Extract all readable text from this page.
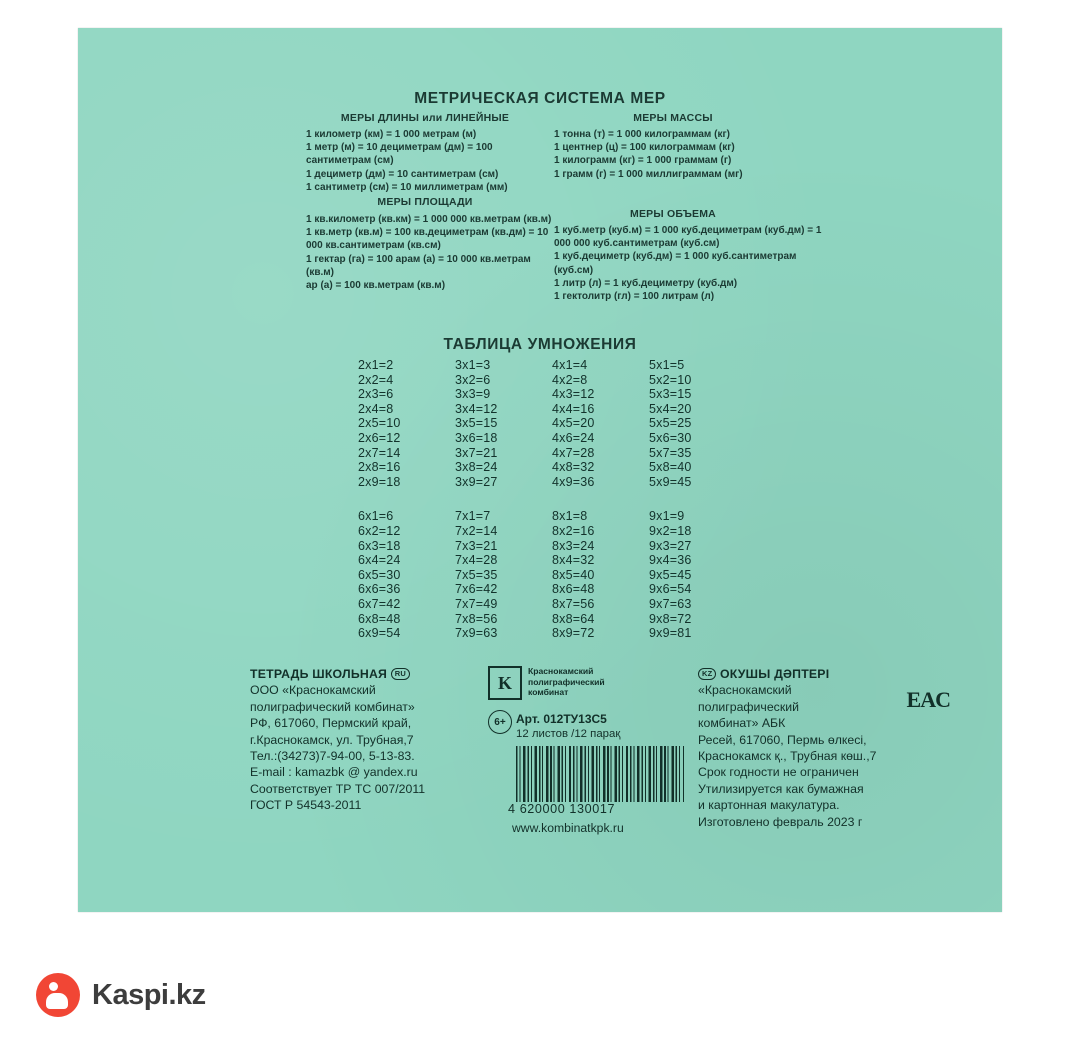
МЕТРИЧЕСКАЯ СИСТЕМА МЕР
МЕРЫ ДЛИНЫ или ЛИНЕЙНЫЕ
1 километр (км) = 1 000 метрам (м)
1 метр (м) = 10 дециметрам (дм) = 100 сантиметрам (см)
1 дециметр (дм) = 10 сантиметрам (см)
1 сантиметр (см) = 10 миллиметрам (мм)
МЕРЫ МАССЫ
1 тонна (т) = 1 000 килограммам (кг)
1 центнер (ц) = 100 килограммам (кг)
1 килограмм (кг) = 1 000 граммам (г)
1 грамм (г) = 1 000 миллиграммам (мг)
МЕРЫ ПЛОЩАДИ
1 кв.километр (кв.км) = 1 000 000 кв.метрам (кв.м)
1 кв.метр (кв.м) = 100 кв.дециметрам (кв.дм) = 10 000 кв.сантиметрам (кв.см)
1 гектар (га) = 100 арам (а) = 10 000 кв.метрам (кв.м)
ар (а) = 100 кв.метрам (кв.м)
МЕРЫ ОБЪЕМА
1 куб.метр (куб.м) = 1 000 куб.дециметрам (куб.дм) = 1 000 000 куб.сантиметрам (куб.см)
1 куб.дециметр (куб.дм) = 1 000 куб.сантиметрам (куб.см)
1 литр (л) = 1 куб.дециметру (куб.дм)
1 гектолитр (гл) = 100 литрам (л)
ТАБЛИЦА УМНОЖЕНИЯ
2x1=2
2x2=4
2x3=6
2x4=8
2x5=10
2x6=12
2x7=14
2x8=16
2x9=18
3x1=3
3x2=6
3x3=9
3x4=12
3x5=15
3x6=18
3x7=21
3x8=24
3x9=27
4x1=4
4x2=8
4x3=12
4x4=16
4x5=20
4x6=24
4x7=28
4x8=32
4x9=36
5x1=5
5x2=10
5x3=15
5x4=20
5x5=25
5x6=30
5x7=35
5x8=40
5x9=45
6x1=6
6x2=12
6x3=18
6x4=24
6x5=30
6x6=36
6x7=42
6x8=48
6x9=54
7x1=7
7x2=14
7x3=21
7x4=28
7x5=35
7x6=42
7x7=49
7x8=56
7x9=63
8x1=8
8x2=16
8x3=24
8x4=32
8x5=40
8x6=48
8x7=56
8x8=64
8x9=72
9x1=9
9x2=18
9x3=27
9x4=36
9x5=45
9x6=54
9x7=63
9x8=72
9x9=81
ТЕТРАДЬ ШКОЛЬНАЯ RU
ООО «Краснокамский
полиграфический комбинат»
РФ, 617060, Пермский край,
г.Краснокамск, ул. Трубная,7
Тел.:(34273)7-94-00, 5-13-83.
E-mail : kamazbk @ yandex.ru
Соответствует ТР ТС 007/2011
ГОСТ Р 54543-2011
K
Краснокамский
полиграфический
комбинат
6+ Арт. 012ТУ13С5
12 листов /12 парақ
4 620000 130017
www.kombinatkpk.ru
KZ ОКУШЫ ДӘПТЕРІ
«Краснокамский
полиграфический
комбинат» АБК
Ресей, 617060, Пермь өлкесі,
Краснокамск қ., Трубная көш.,7
Срок годности не ограничен
Утилизируется как бумажная
и картонная макулатура.
Изготовлено февраль 2023 г
EAC
Kaspi.kz
